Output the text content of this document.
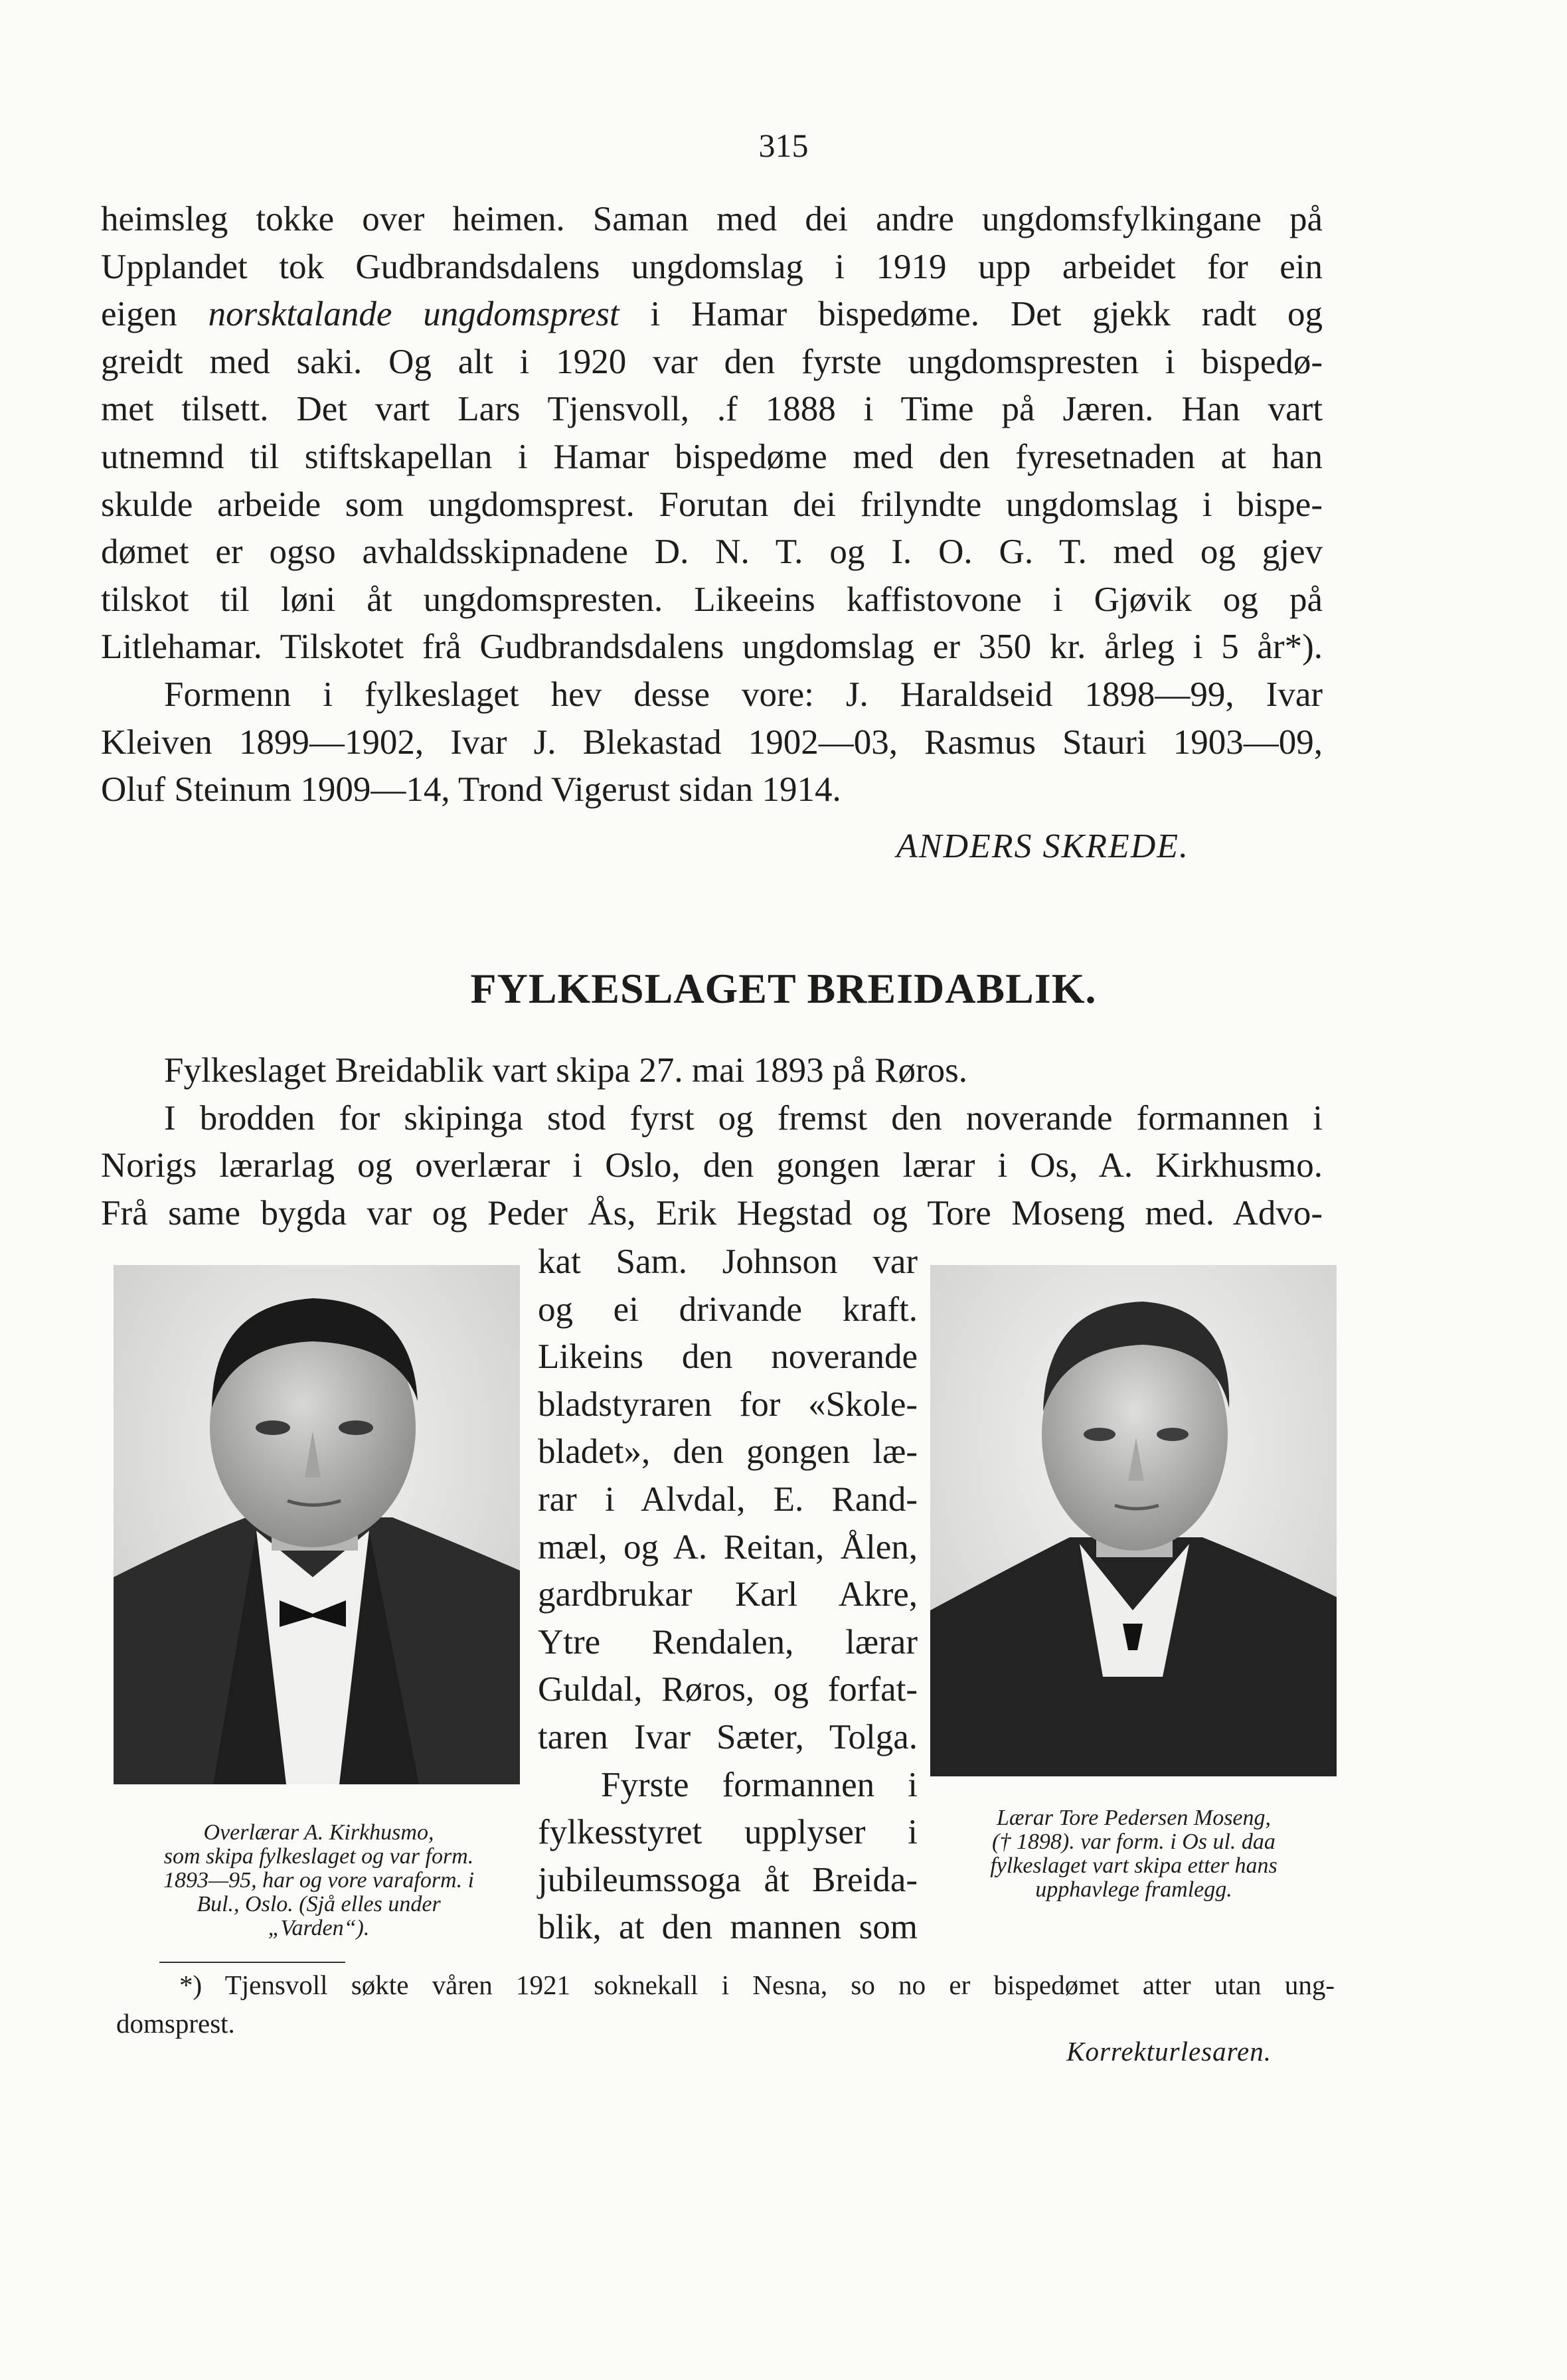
315
heimsleg tokke over heimen. Saman med dei andre ungdomsfylkingane på
Upplandet tok Gudbrandsdalens ungdomslag i 1919 upp arbeidet for ein
eigen norsktalande ungdomsprest i Hamar bispedøme. Det gjekk radt og
greidt med saki. Og alt i 1920 var den fyrste ungdomspresten i bispedø-
met tilsett. Det vart Lars Tjensvoll, .f 1888 i Time på Jæren. Han vart
utnemnd til stiftskapellan i Hamar bispedøme med den fyresetnaden at han
skulde arbeide som ungdomsprest. Forutan dei frilyndte ungdomslag i bispe-
dømet er ogso avhaldsskipnadene D. N. T. og I. O. G. T. med og gjev
tilskot til løni åt ungdomspresten. Likeeins kaffistovone i Gjøvik og på
Litlehamar. Tilskotet frå Gudbrandsdalens ungdomslag er 350 kr. årleg i 5 år*).
Formenn i fylkeslaget hev desse vore: J. Haraldseid 1898—99, Ivar
Kleiven 1899—1902, Ivar J. Blekastad 1902—03, Rasmus Stauri 1903—09,
Oluf Steinum 1909—14, Trond Vigerust sidan 1914.
ANDERS SKREDE.
FYLKESLAGET BREIDABLIK.
Fylkeslaget Breidablik vart skipa 27. mai 1893 på Røros.
I brodden for skipinga stod fyrst og fremst den noverande formannen i
Norigs lærarlag og overlærar i Oslo, den gongen lærar i Os, A. Kirkhusmo.
Frå same bygda var og Peder Ås, Erik Hegstad og Tore Moseng med. Advo-
kat Sam. Johnson var
og ei drivande kraft.
Likeins den noverande
bladstyraren for «Skole-
bladet», den gongen læ-
rar i Alvdal, E. Rand-
mæl, og A. Reitan, Ålen,
gardbrukar Karl Akre,
Ytre Rendalen, lærar
Guldal, Røros, og forfat-
taren Ivar Sæter, Tolga.
Fyrste formannen i
fylkesstyret upplyser i
jubileumssoga åt Breida-
blik, at den mannen som
Overlærar A. Kirkhusmo,
som skipa fylkeslaget og var form.
1893—95, har og vore varaform. i
Bul., Oslo. (Sjå elles under
„Varden“).
Lærar Tore Pedersen Moseng,
(† 1898). var form. i Os ul. daa
fylkeslaget vart skipa etter hans
upphavlege framlegg.
*) Tjensvoll søkte våren 1921 soknekall i Nesna, so no er bispedømet atter utan ung-
domsprest.
Korrekturlesaren.
